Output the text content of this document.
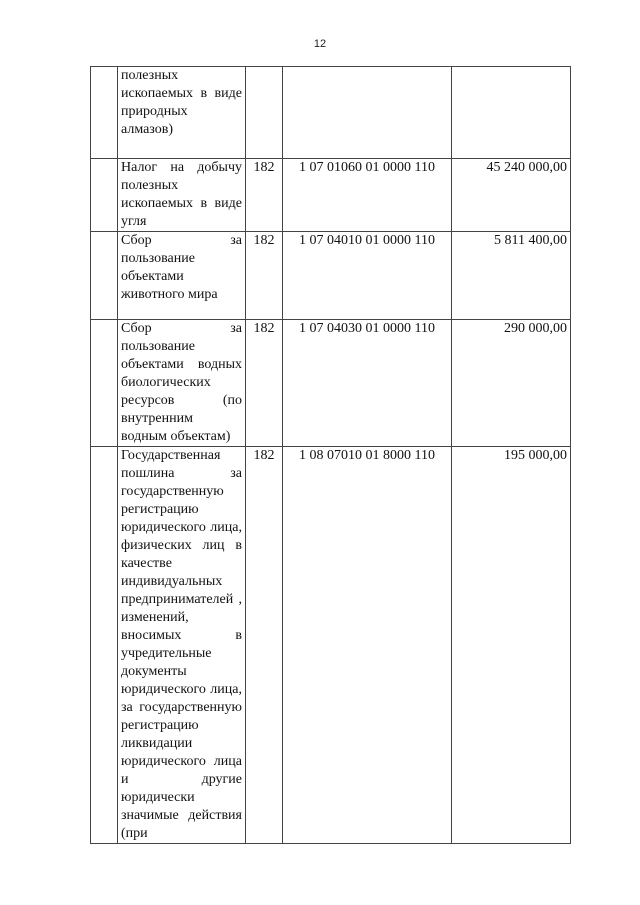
12
	полезных ископаемых в виде природных алмазов)			
	Налог на добычу полезных ископаемых в виде угля	182	1 07 01060 01 0000 110	45 240 000,00
	Сбор за пользование объектами животного мира	182	1 07 04010 01 0000 110	5 811 400,00
	Сбор за пользование объектами водных биологических ресурсов (по внутренним водным объектам)	182	1 07 04030 01 0000 110	290 000,00
	Государственная пошлина за государственную регистрацию юридического лица, физических лиц в качестве индивидуальных предпринимателей , изменений, вносимых в учредительные документы юридического лица, за государственную регистрацию ликвидации юридического лица и другие юридически значимые действия (при	182	1 08 07010 01 8000 110	195 000,00
